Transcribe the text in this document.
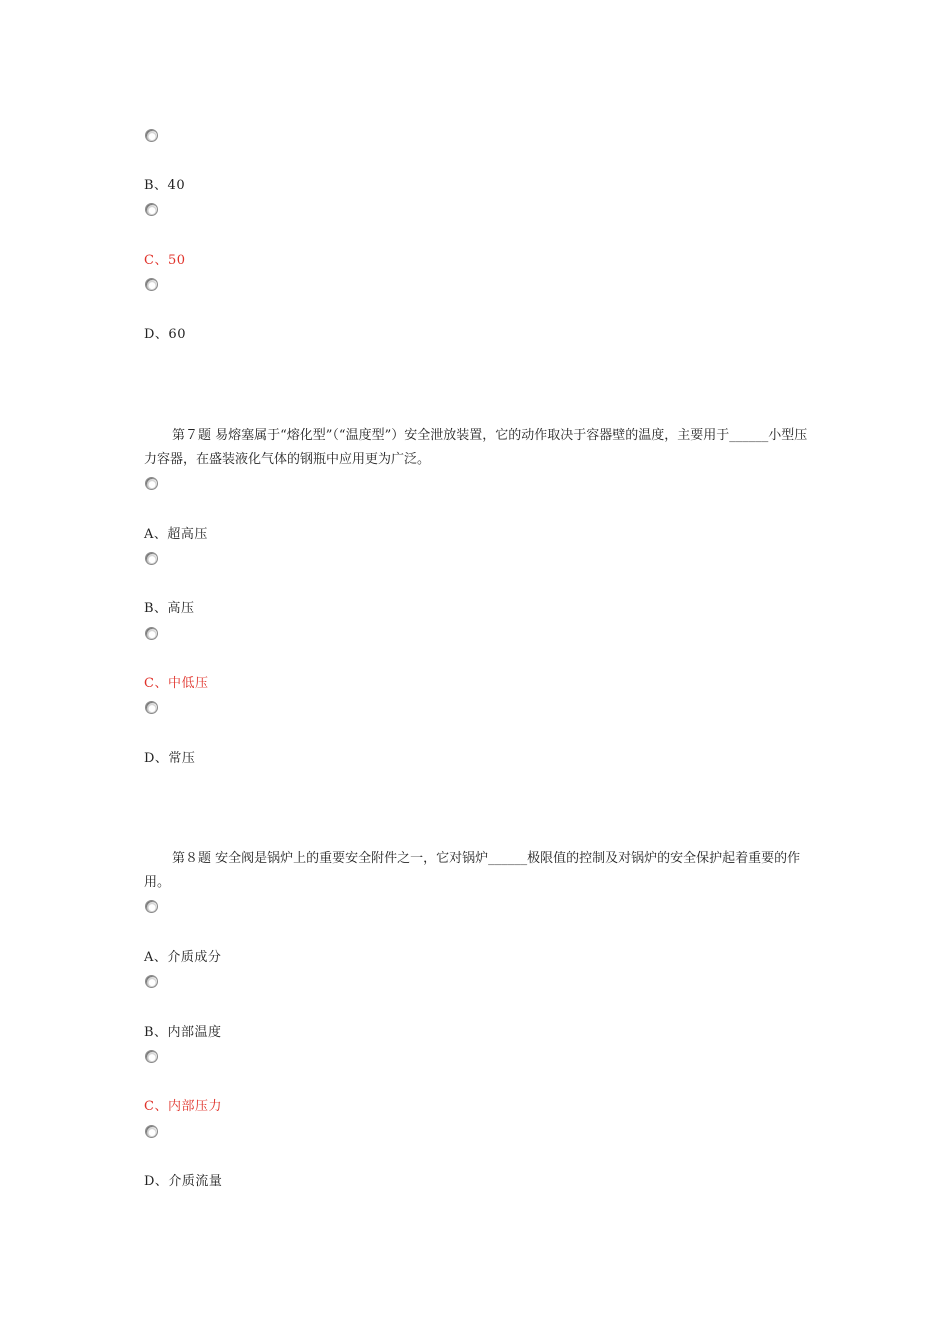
B、40
C、50
D、60
第７题 易熔塞属于“熔化型”（“温度型”）安全泄放装置，它的动作取决于容器壁的温度，主要用于______小型压力容器，在盛装液化气体的钢瓶中应用更为广泛。
A、超高压
B、高压
C、中低压
D、常压
第８题 安全阀是锅炉上的重要安全附件之一，它对锅炉______极限值的控制及对锅炉的安全保护起着重要的作用。
A、介质成分
B、内部温度
C、内部压力
D、介质流量
